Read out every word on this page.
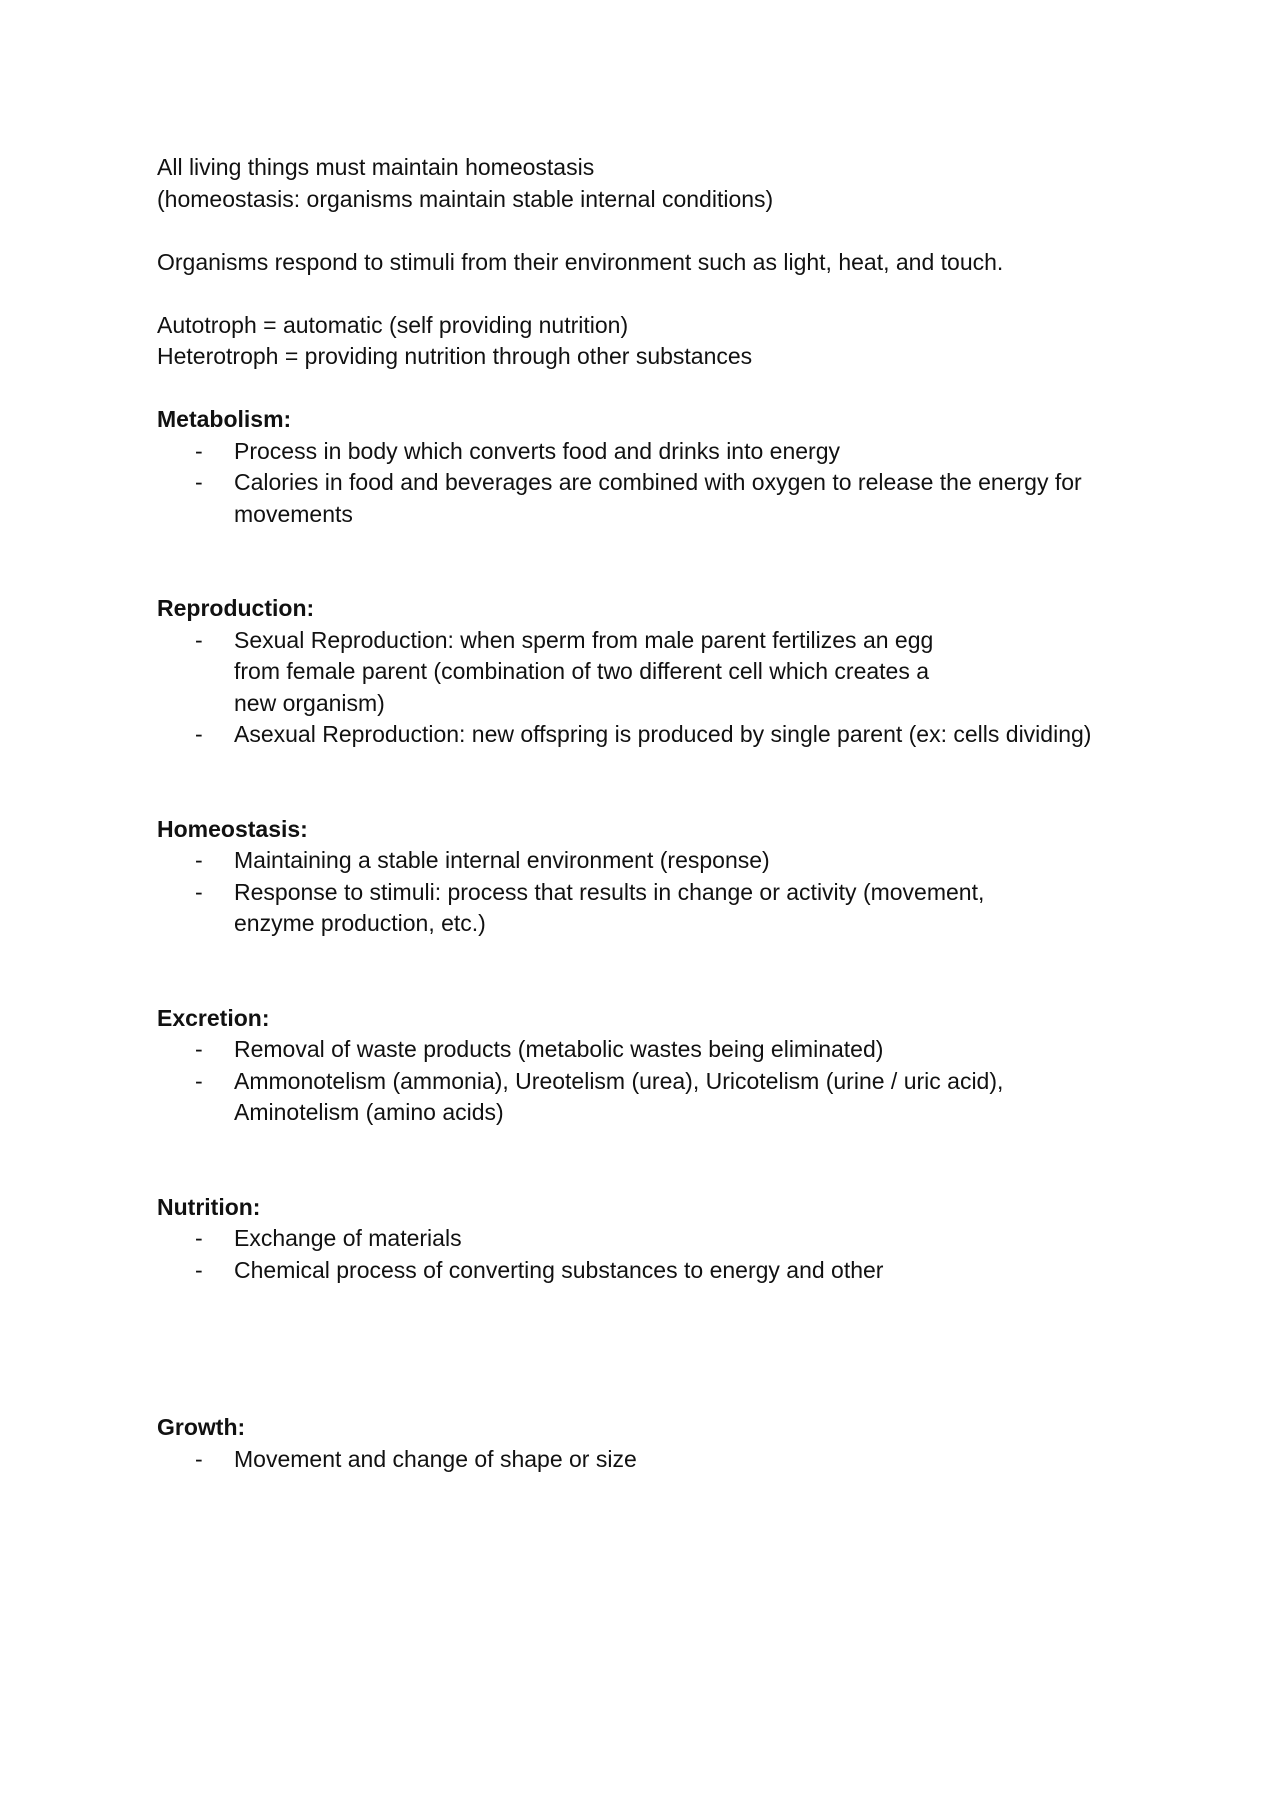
All living things must maintain homeostasis

(homeostasis: organisms maintain stable internal conditions)

Organisms respond to stimuli from their environment such as light, heat, and touch.

Autotroph = automatic (self providing nutrition)

Heterotroph = providing nutrition through other substances

Metabolism:

- Process in body which converts food and drinks into energy
- Calories in food and beverages are combined with oxygen to release the energy for movements

Reproduction:

- Sexual Reproduction: when sperm from male parent fertilizes an egg from female parent (combination of two different cell which creates a new organism)
- Asexual Reproduction: new offspring is produced by single parent (ex: cells dividing)

Homeostasis:

- Maintaining a stable internal environment (response)
- Response to stimuli: process that results in change or activity (movement, enzyme production, etc.)

Excretion:

- Removal of waste products (metabolic wastes being eliminated)
- Ammonotelism (ammonia), Ureotelism (urea), Uricotelism (urine / uric acid), Aminotelism (amino acids)

Nutrition:

- Exchange of materials
- Chemical process of converting substances to energy and other

Growth:

- Movement and change of shape or size
